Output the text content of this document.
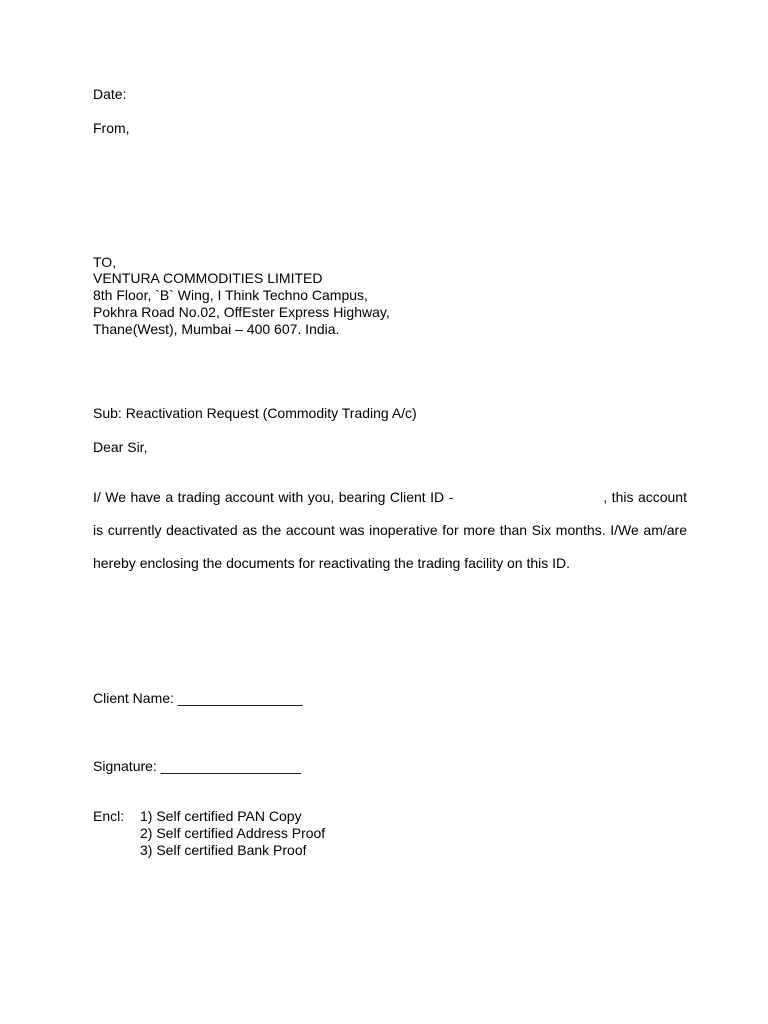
Date:
From,
TO,
VENTURA COMMODITIES LIMITED
8th Floor, `B` Wing, I Think Techno Campus,
Pokhra Road No.02, OffEster Express Highway,
Thane(West), Mumbai – 400 607. India.
Sub: Reactivation Request (Commodity Trading A/c)
Dear Sir,
I/ We have a trading account with you, bearing Client ID -	, this account is currently deactivated as the account was inoperative for more than Six months. I/We am/are hereby enclosing the documents for reactivating the trading facility on this ID.
Client Name: ________________
Signature: __________________
Encl: 1) Self certified PAN Copy
2) Self certified Address Proof
3) Self certified Bank Proof
